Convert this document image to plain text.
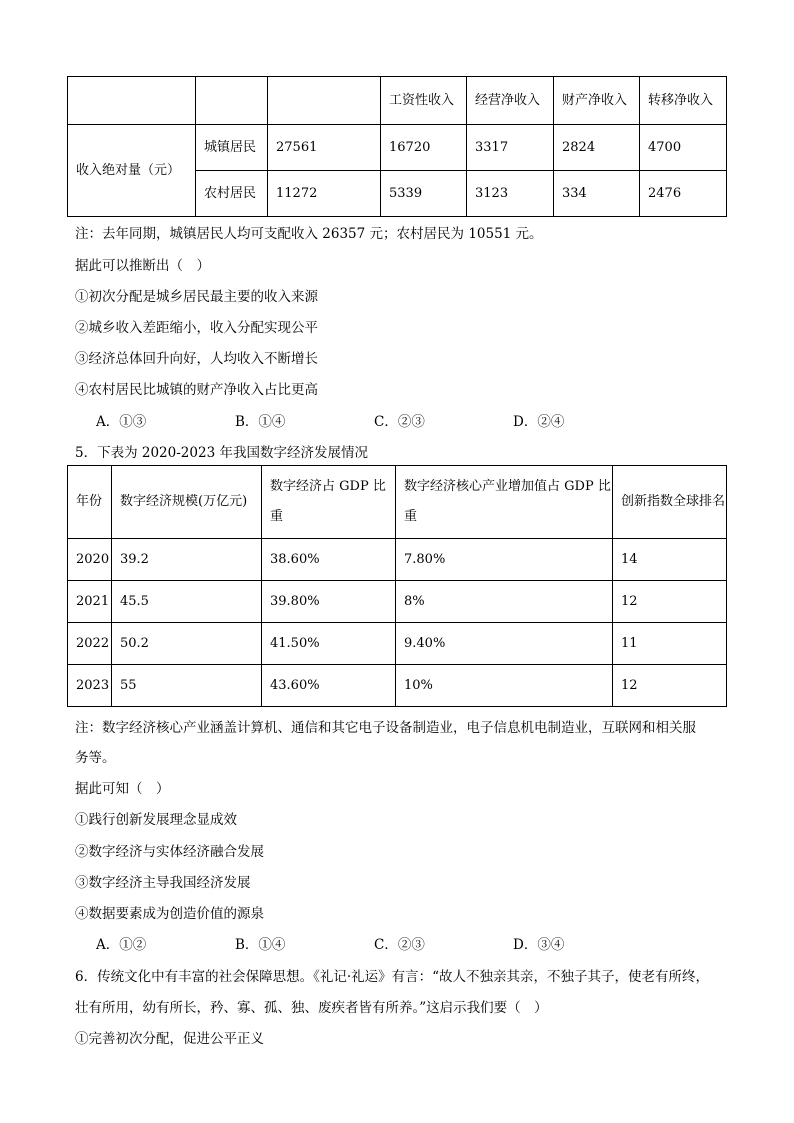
			工资性收入	经营净收入	财产净收入	转移净收入
收入绝对量（元）	城镇居民	27561	16720	3317	2824	4700
	农村居民	11272	5339	3123	334	2476
注：去年同期，城镇居民人均可支配收入 26357 元；农村居民为 10551 元。
据此可以推断出（　）
①初次分配是城乡居民最主要的收入来源
②城乡收入差距缩小，收入分配实现公平
③经济总体回升向好，人均收入不断增长
④农村居民比城镇的财产净收入占比更高
A．①③	B．①④	C．②③	D．②④
5．下表为 2020-2023 年我国数字经济发展情况
年份	数字经济规模(万亿元)	数字经济占 GDP 比重	数字经济核心产业增加值占 GDP 比重	创新指数全球排名
2020	39.2	38.60%	7.80%	14
2021	45.5	39.80%	8%	12
2022	50.2	41.50%	9.40%	11
2023	55	43.60%	10%	12
注：数字经济核心产业涵盖计算机、通信和其它电子设备制造业，电子信息机电制造业，互联网和相关服
务等。
据此可知（　）
①践行创新发展理念显成效
②数字经济与实体经济融合发展
③数字经济主导我国经济发展
④数据要素成为创造价值的源泉
A．①②	B．①④	C．②③	D．③④
6．传统文化中有丰富的社会保障思想。《礼记·礼运》有言：“故人不独亲其亲，不独子其子，使老有所终，
壮有所用，幼有所长，矜、寡、孤、独、废疾者皆有所养。”这启示我们要（　）
①完善初次分配，促进公平正义
